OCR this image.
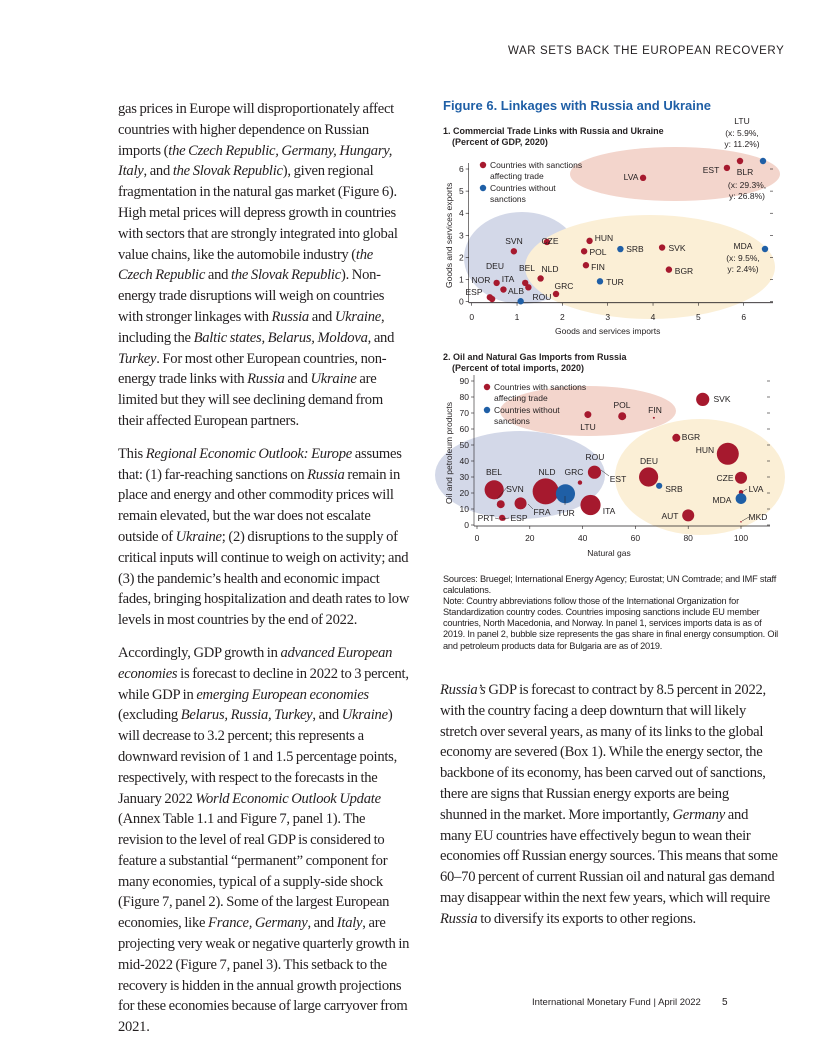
WAR SETS BACK THE EUROPEAN RECOVERY

gas prices in Europe will disproportionately affect countries with higher dependence on Russian imports (the Czech Republic, Germany, Hungary, Italy, and the Slovak Republic), given regional fragmentation in the natural gas market (Figure 6). High metal prices will depress growth in countries with sectors that are strongly integrated into global value chains, like the automobile industry (the Czech Republic and the Slovak Republic). Non-energy trade disruptions will weigh on countries with stronger linkages with Russia and Ukraine, including the Baltic states, Belarus, Moldova, and Turkey. For most other European countries, non-energy trade links with Russia and Ukraine are limited but they will see declining demand from their affected European partners.

This Regional Economic Outlook: Europe assumes that: (1) far-reaching sanctions on Russia remain in place and energy and other commodity prices will remain elevated, but the war does not escalate outside of Ukraine; (2) disruptions to the supply of critical inputs will continue to weigh on activity; and (3) the pandemic’s health and economic impact fades, bringing hospitalization and death rates to low levels in most countries by the end of 2022.

Accordingly, GDP growth in advanced European economies is forecast to decline in 2022 to 3 percent, while GDP in emerging European economies (excluding Belarus, Russia, Turkey, and Ukraine) will decrease to 3.2 percent; this represents a downward revision of 1 and 1.5 percentage points, respectively, with respect to the forecasts in the January 2022 World Economic Outlook Update (Annex Table 1.1 and Figure 7, panel 1). The revision to the level of real GDP is considered to feature a substantial “permanent” component for many economies, typical of a supply-side shock (Figure 7, panel 2). Some of the largest European economies, like France, Germany, and Italy, are projecting very weak or negative quarterly growth in mid-2022 (Figure 7, panel 3). This setback to the recovery is hidden in the annual growth projections for these economies because of large carryover from 2021.

Figure 6. Linkages with Russia and Ukraine
1. Commercial Trade Links with Russia and Ukraine
(Percent of GDP, 2020)
0	1	2	3	4	5	6
0
1
2
3
4
5
6
Goods and services imports
Goods and services exports
Countries with sanctions
affecting trade
Countries without
sanctions
ESP
NOR
DEU
ITA
ALB
BEL
ROU
NLD
SVN CZE
GRC
HUN
POL
FIN
TUR
SRB	SVK
BGR
LVA
EST
LTU
BLR
MDA
(x: 5.9%,
y: 11.2%)
(x: 29.3%,
y: 26.8%)
(x: 9.5%,
y: 2.4%)
2. Oil and Natural Gas Imports from Russia
(Percent of total imports, 2020)
0	20	40	60	80	100
0
10
20
30
40
50
60
70
80
90
Natural gas
Oil and petroleum products
Countries with sanctions
affecting trade
Countries without
sanctions
BEL
SVN
PRT ESP
FRA
NLD
TUR
GRC
ROU
EST
ITA
LTU
POL FIN
SVK
BGR
DEU
SRB
HUN
CZE
LVA
MDA
AUT	MKD
Sources: Bruegel; International Energy Agency; Eurostat; UN Comtrade; and IMF staff calculations.
Note: Country abbreviations follow those of the International Organization for Standardization country codes. Countries imposing sanctions include EU member countries, North Macedonia, and Norway. In panel 1, services imports data is as of 2019. In panel 2, bubble size represents the gas share in final energy consumption. Oil and petroleum products data for Bulgaria are as of 2019.

Russia’s GDP is forecast to contract by 8.5 percent in 2022, with the country facing a deep downturn that will likely stretch over several years, as many of its links to the global economy are severed (Box 1). While the energy sector, the backbone of its economy, has been carved out of sanctions, there are signs that Russian energy exports are being shunned in the market. More importantly, Germany and many EU countries have effectively begun to wean their economies off Russian energy sources. This means that some 60–70 percent of current Russian oil and natural gas demand may disappear within the next few years, which will require Russia to diversify its exports to other regions.

International Monetary Fund | April 2022 5
